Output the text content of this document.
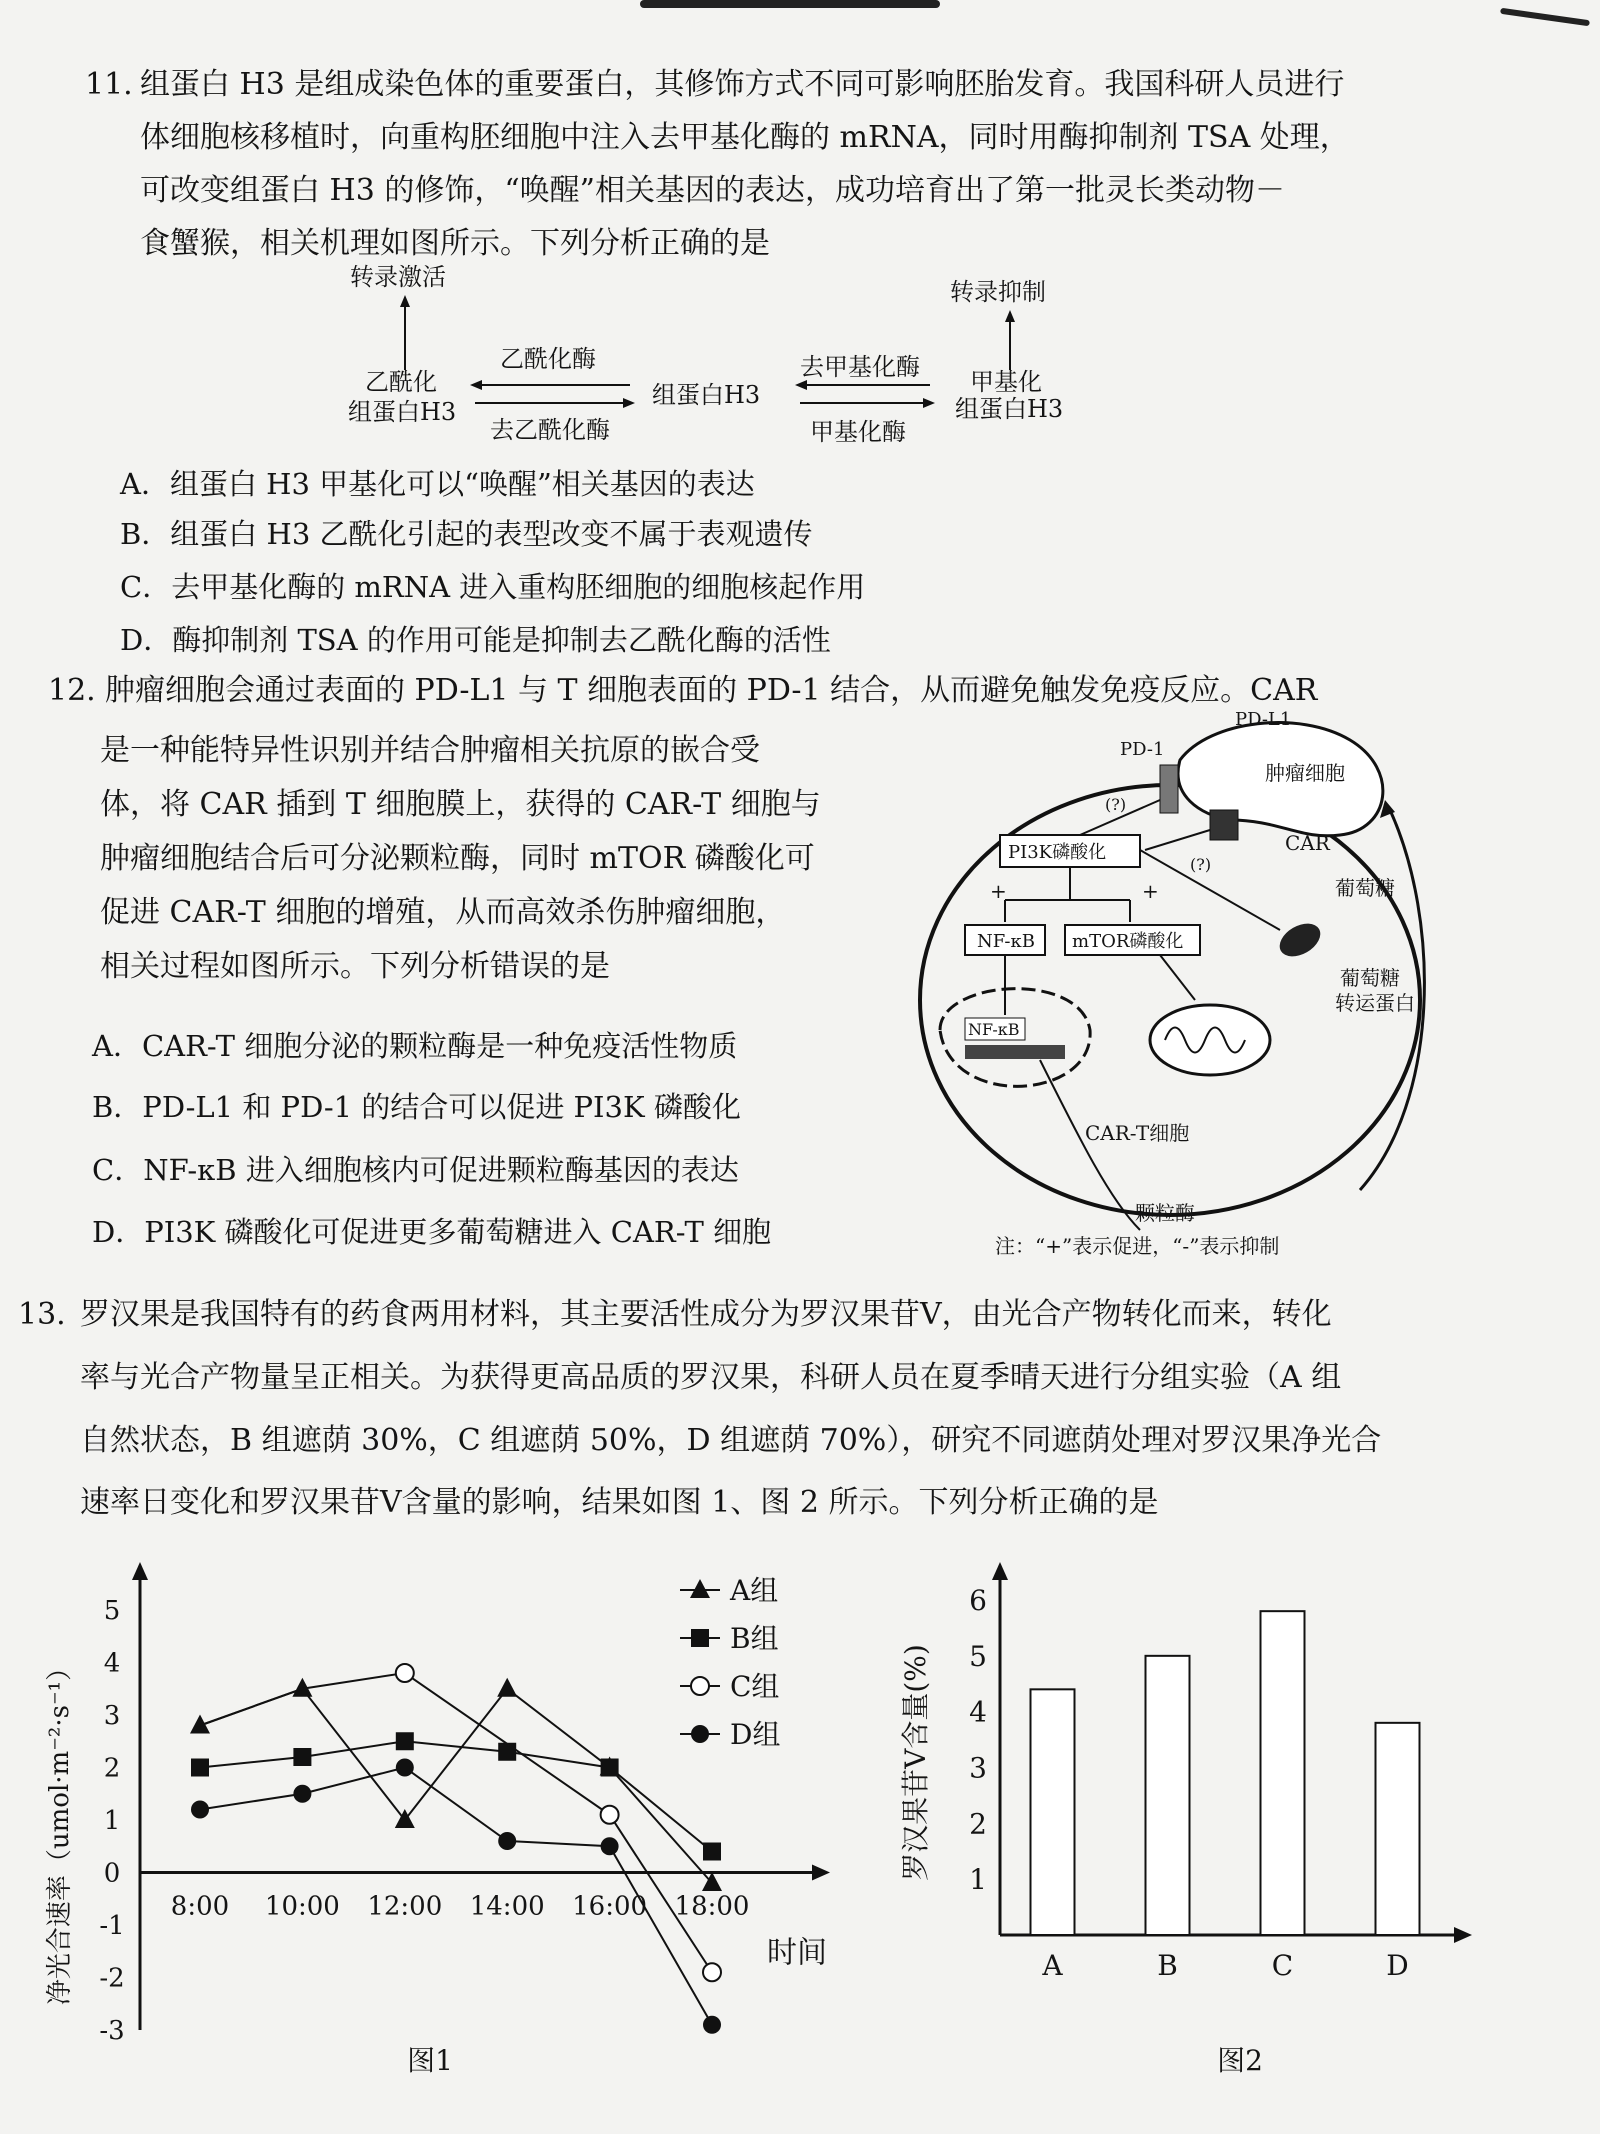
11. 组蛋白 H3 是组成染色体的重要蛋白，其修饰方式不同可影响胚胎发育。我国科研人员进行
体细胞核移植时，向重构胚细胞中注入去甲基化酶的 mRNA，同时用酶抑制剂 TSA 处理，
可改变组蛋白 H3 的修饰，“唤醒”相关基因的表达，成功培育出了第一批灵长类动物－
食蟹猴，相关机理如图所示。下列分析正确的是
转录激活
乙酰化
组蛋白H3
乙酰化酶
去乙酰化酶
组蛋白H3
去甲基化酶
甲基化酶
转录抑制
甲基化
组蛋白H3
A．组蛋白 H3 甲基化可以“唤醒”相关基因的表达
B．组蛋白 H3 乙酰化引起的表型改变不属于表观遗传
C．去甲基化酶的 mRNA 进入重构胚细胞的细胞核起作用
D．酶抑制剂 TSA 的作用可能是抑制去乙酰化酶的活性
12. 肿瘤细胞会通过表面的 PD-L1 与 T 细胞表面的 PD-1 结合，从而避免触发免疫反应。CAR
是一种能特异性识别并结合肿瘤相关抗原的嵌合受
体，将 CAR 插到 T 细胞膜上，获得的 CAR-T 细胞与
肿瘤细胞结合后可分泌颗粒酶，同时 mTOR 磷酸化可
促进 CAR-T 细胞的增殖，从而高效杀伤肿瘤细胞，
相关过程如图所示。下列分析错误的是
A．CAR-T 细胞分泌的颗粒酶是一种免疫活性物质
B．PD-L1 和 PD-1 的结合可以促进 PI3K 磷酸化
C．NF-κB 进入细胞核内可促进颗粒酶基因的表达
D．PI3K 磷酸化可促进更多葡萄糖进入 CAR-T 细胞
肿瘤细胞
PD-L1
PD-1
CAR
PI3K磷酸化
(?)
(?)
NF-κB mTOR磷酸化
+	+
NF-κB
葡萄糖
葡萄糖
转运蛋白
CAR-T细胞
颗粒酶
注：“+”表示促进，“-”表示抑制
13. 罗汉果是我国特有的药食两用材料，其主要活性成分为罗汉果苷V，由光合产物转化而来，转化
率与光合产物量呈正相关。为获得更高品质的罗汉果，科研人员在夏季晴天进行分组实验（A 组
自然状态，B 组遮荫 30%，C 组遮荫 50%，D 组遮荫 70%），研究不同遮荫处理对罗汉果净光合
速率日变化和罗汉果苷V含量的影响，结果如图 1、图 2 所示。下列分析正确的是
5
4
3
2
1
0
-1
-2
-3
8:00 10:00 12:00 14:00 16:00 18:00
净光合速率（umol·m⁻²·s⁻¹）	时间
图1
A组
B组
C组
D组
1
2
3
4
5
6
罗汉果苷V含量(%)
A	B	C	D
图2
